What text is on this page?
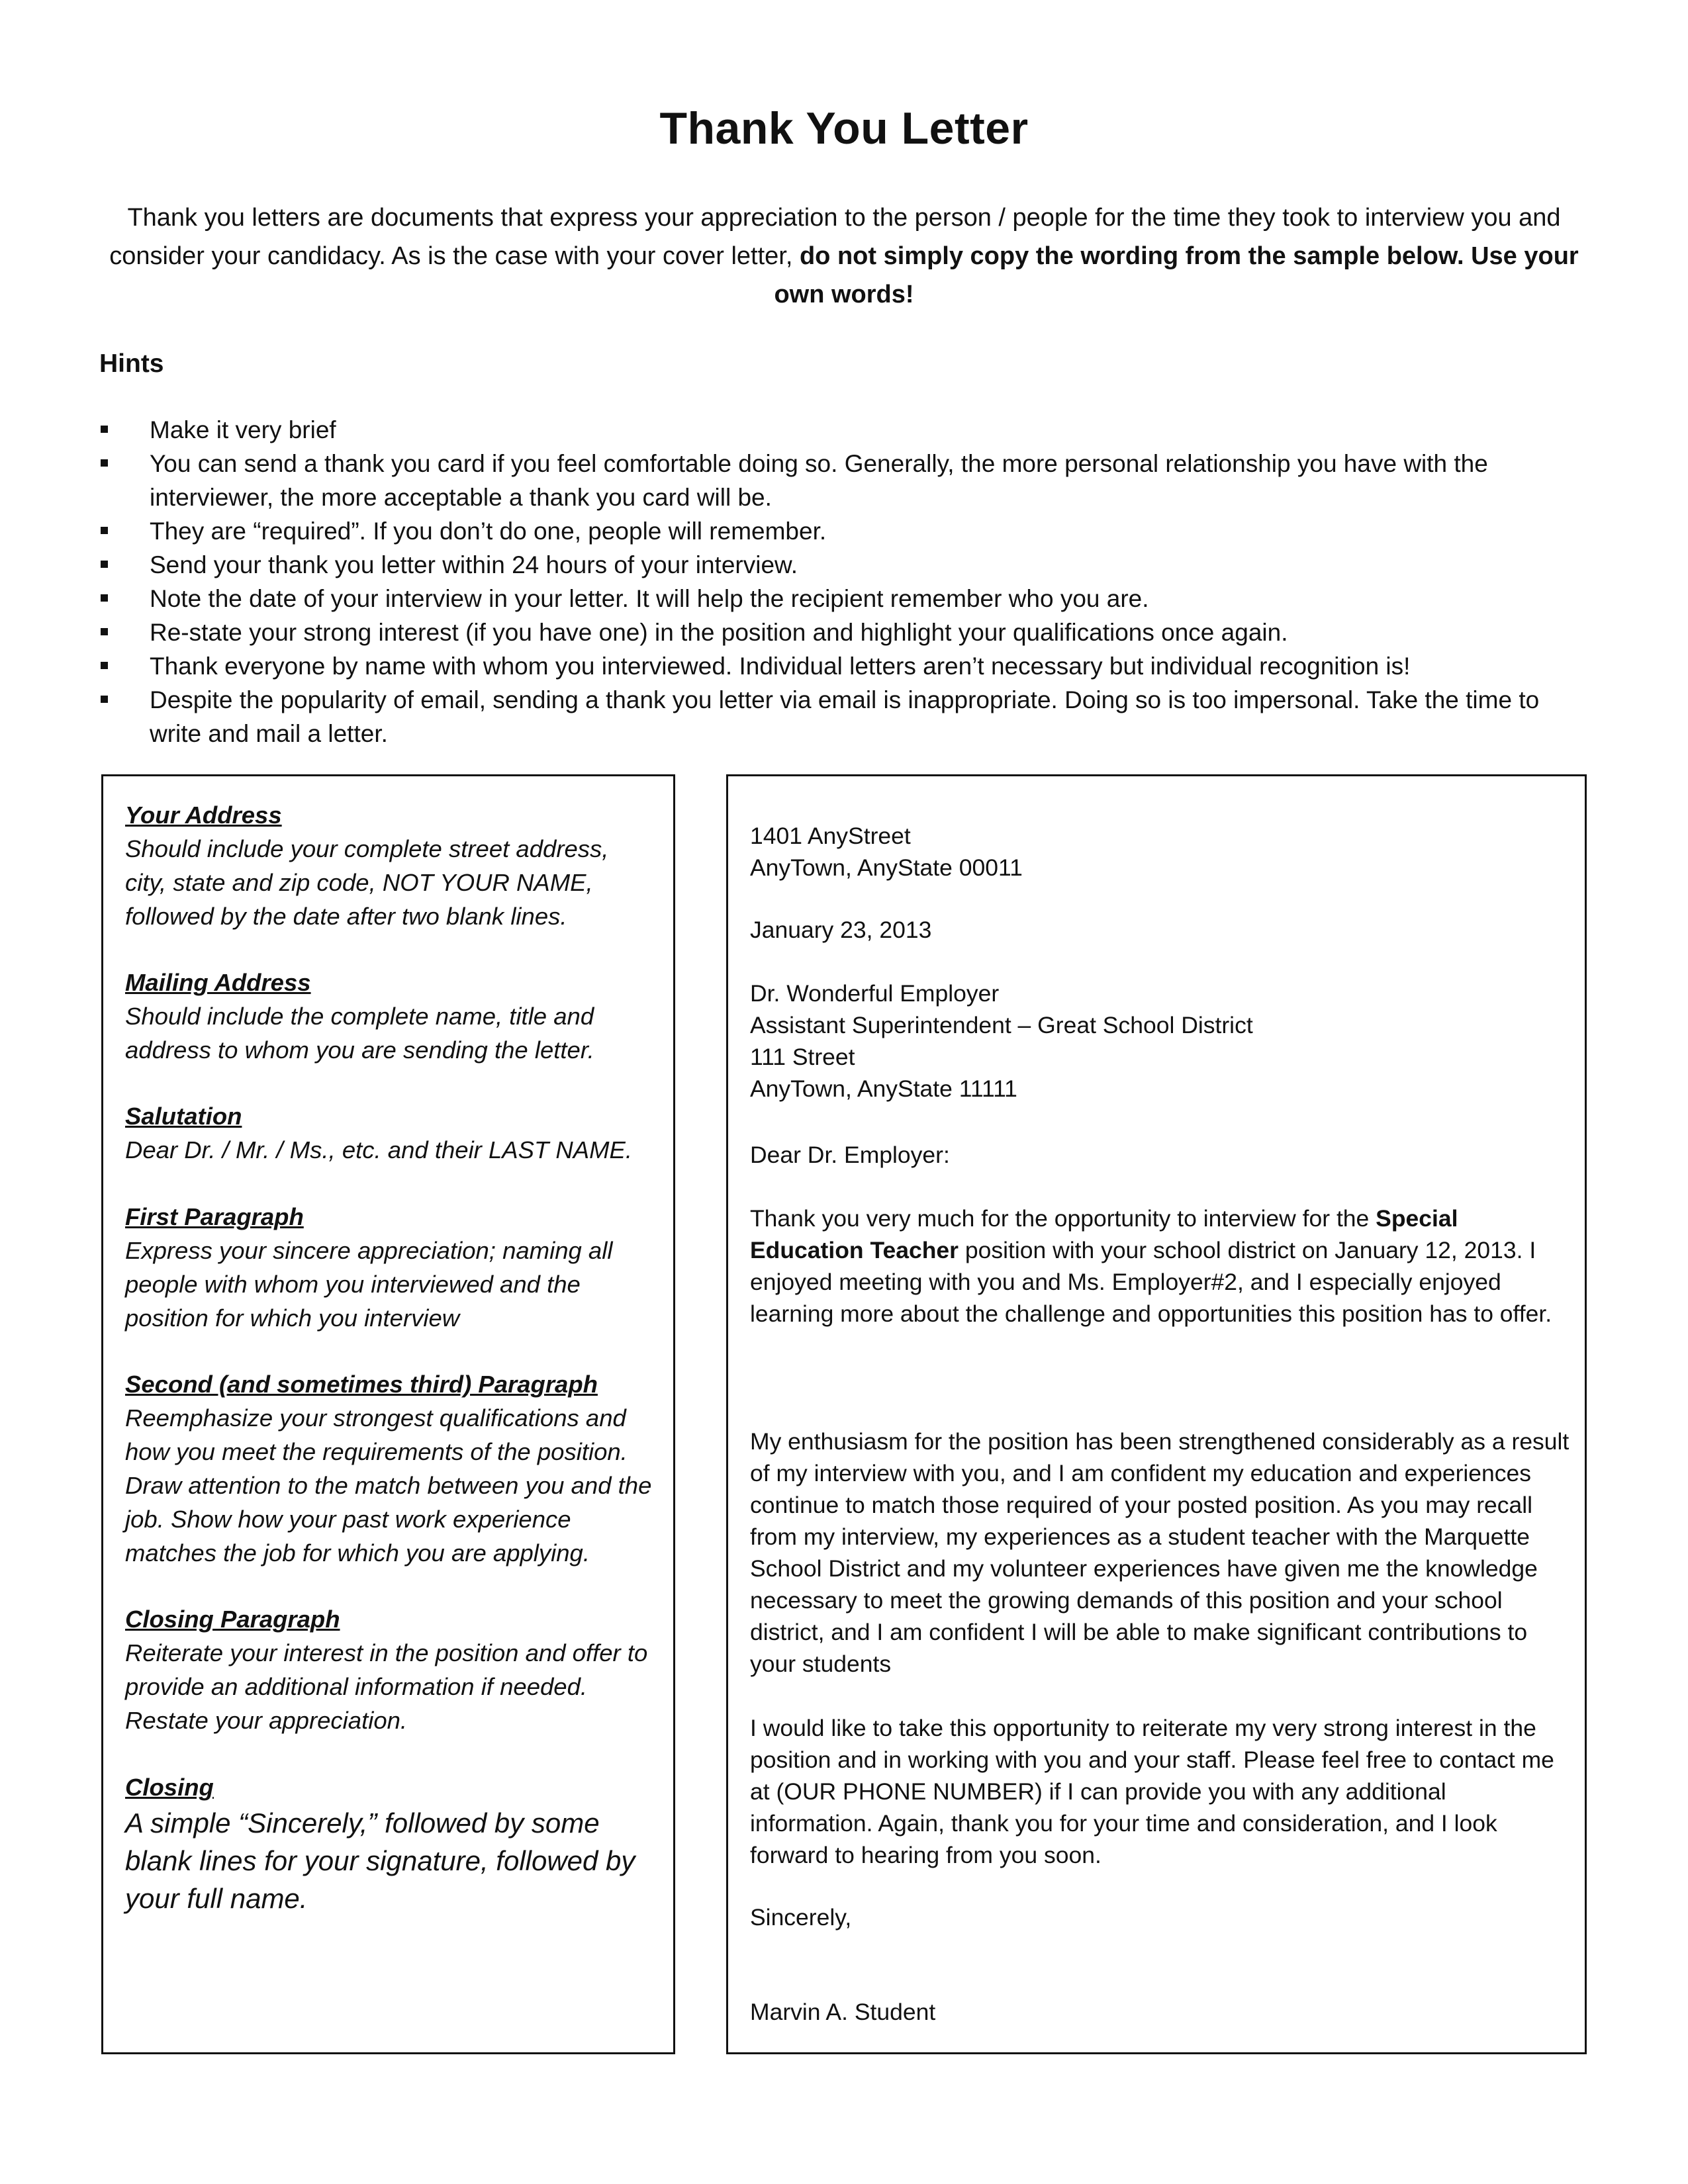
Thank You Letter
Thank you letters are documents that express your appreciation to the person / people for the time they took to interview you and consider your candidacy. As is the case with your cover letter, do not simply copy the wording from the sample below. Use your own words!
Hints
Make it very brief
You can send a thank you card if you feel comfortable doing so. Generally, the more personal relationship you have with the interviewer, the more acceptable a thank you card will be.
They are “required”. If you don’t do one, people will remember.
Send your thank you letter within 24 hours of your interview.
Note the date of your interview in your letter. It will help the recipient remember who you are.
Re-state your strong interest (if you have one) in the position and highlight your qualifications once again.
Thank everyone by name with whom you interviewed. Individual letters aren’t necessary but individual recognition is!
Despite the popularity of email, sending a thank you letter via email is inappropriate. Doing so is too impersonal. Take the time to write and mail a letter.
Your Address
Should include your complete street address, city, state and zip code, NOT YOUR NAME, followed by the date after two blank lines.
Mailing Address
Should include the complete name, title and address to whom you are sending the letter.
Salutation
Dear Dr. / Mr. / Ms., etc. and their LAST NAME.
First Paragraph
Express your sincere appreciation; naming all people with whom you interviewed and the position for which you interview
Second (and sometimes third) Paragraph
Reemphasize your strongest qualifications and how you meet the requirements of the position. Draw attention to the match between you and the job. Show how your past work experience matches the job for which you are applying.
Closing Paragraph
Reiterate your interest in the position and offer to provide an additional information if needed. Restate your appreciation.
Closing
A simple “Sincerely,” followed by some blank lines for your signature, followed by your full name.
1401 AnyStreet
AnyTown, AnyState 00011
January 23, 2013
Dr. Wonderful Employer
Assistant Superintendent – Great School District
111 Street
AnyTown, AnyState 11111
Dear Dr. Employer:
Thank you very much for the opportunity to interview for the Special Education Teacher position with your school district on January 12, 2013. I enjoyed meeting with you and Ms. Employer#2, and I especially enjoyed learning more about the challenge and opportunities this position has to offer.
My enthusiasm for the position has been strengthened considerably as a result of my interview with you, and I am confident my education and experiences continue to match those required of your posted position. As you may recall from my interview, my experiences as a student teacher with the Marquette School District and my volunteer experiences have given me the knowledge necessary to meet the growing demands of this position and your school district, and I am confident I will be able to make significant contributions to your students
I would like to take this opportunity to reiterate my very strong interest in the position and in working with you and your staff. Please feel free to contact me at (OUR PHONE NUMBER) if I can provide you with any additional information. Again, thank you for your time and consideration, and I look forward to hearing from you soon.
Sincerely,
Marvin A. Student
